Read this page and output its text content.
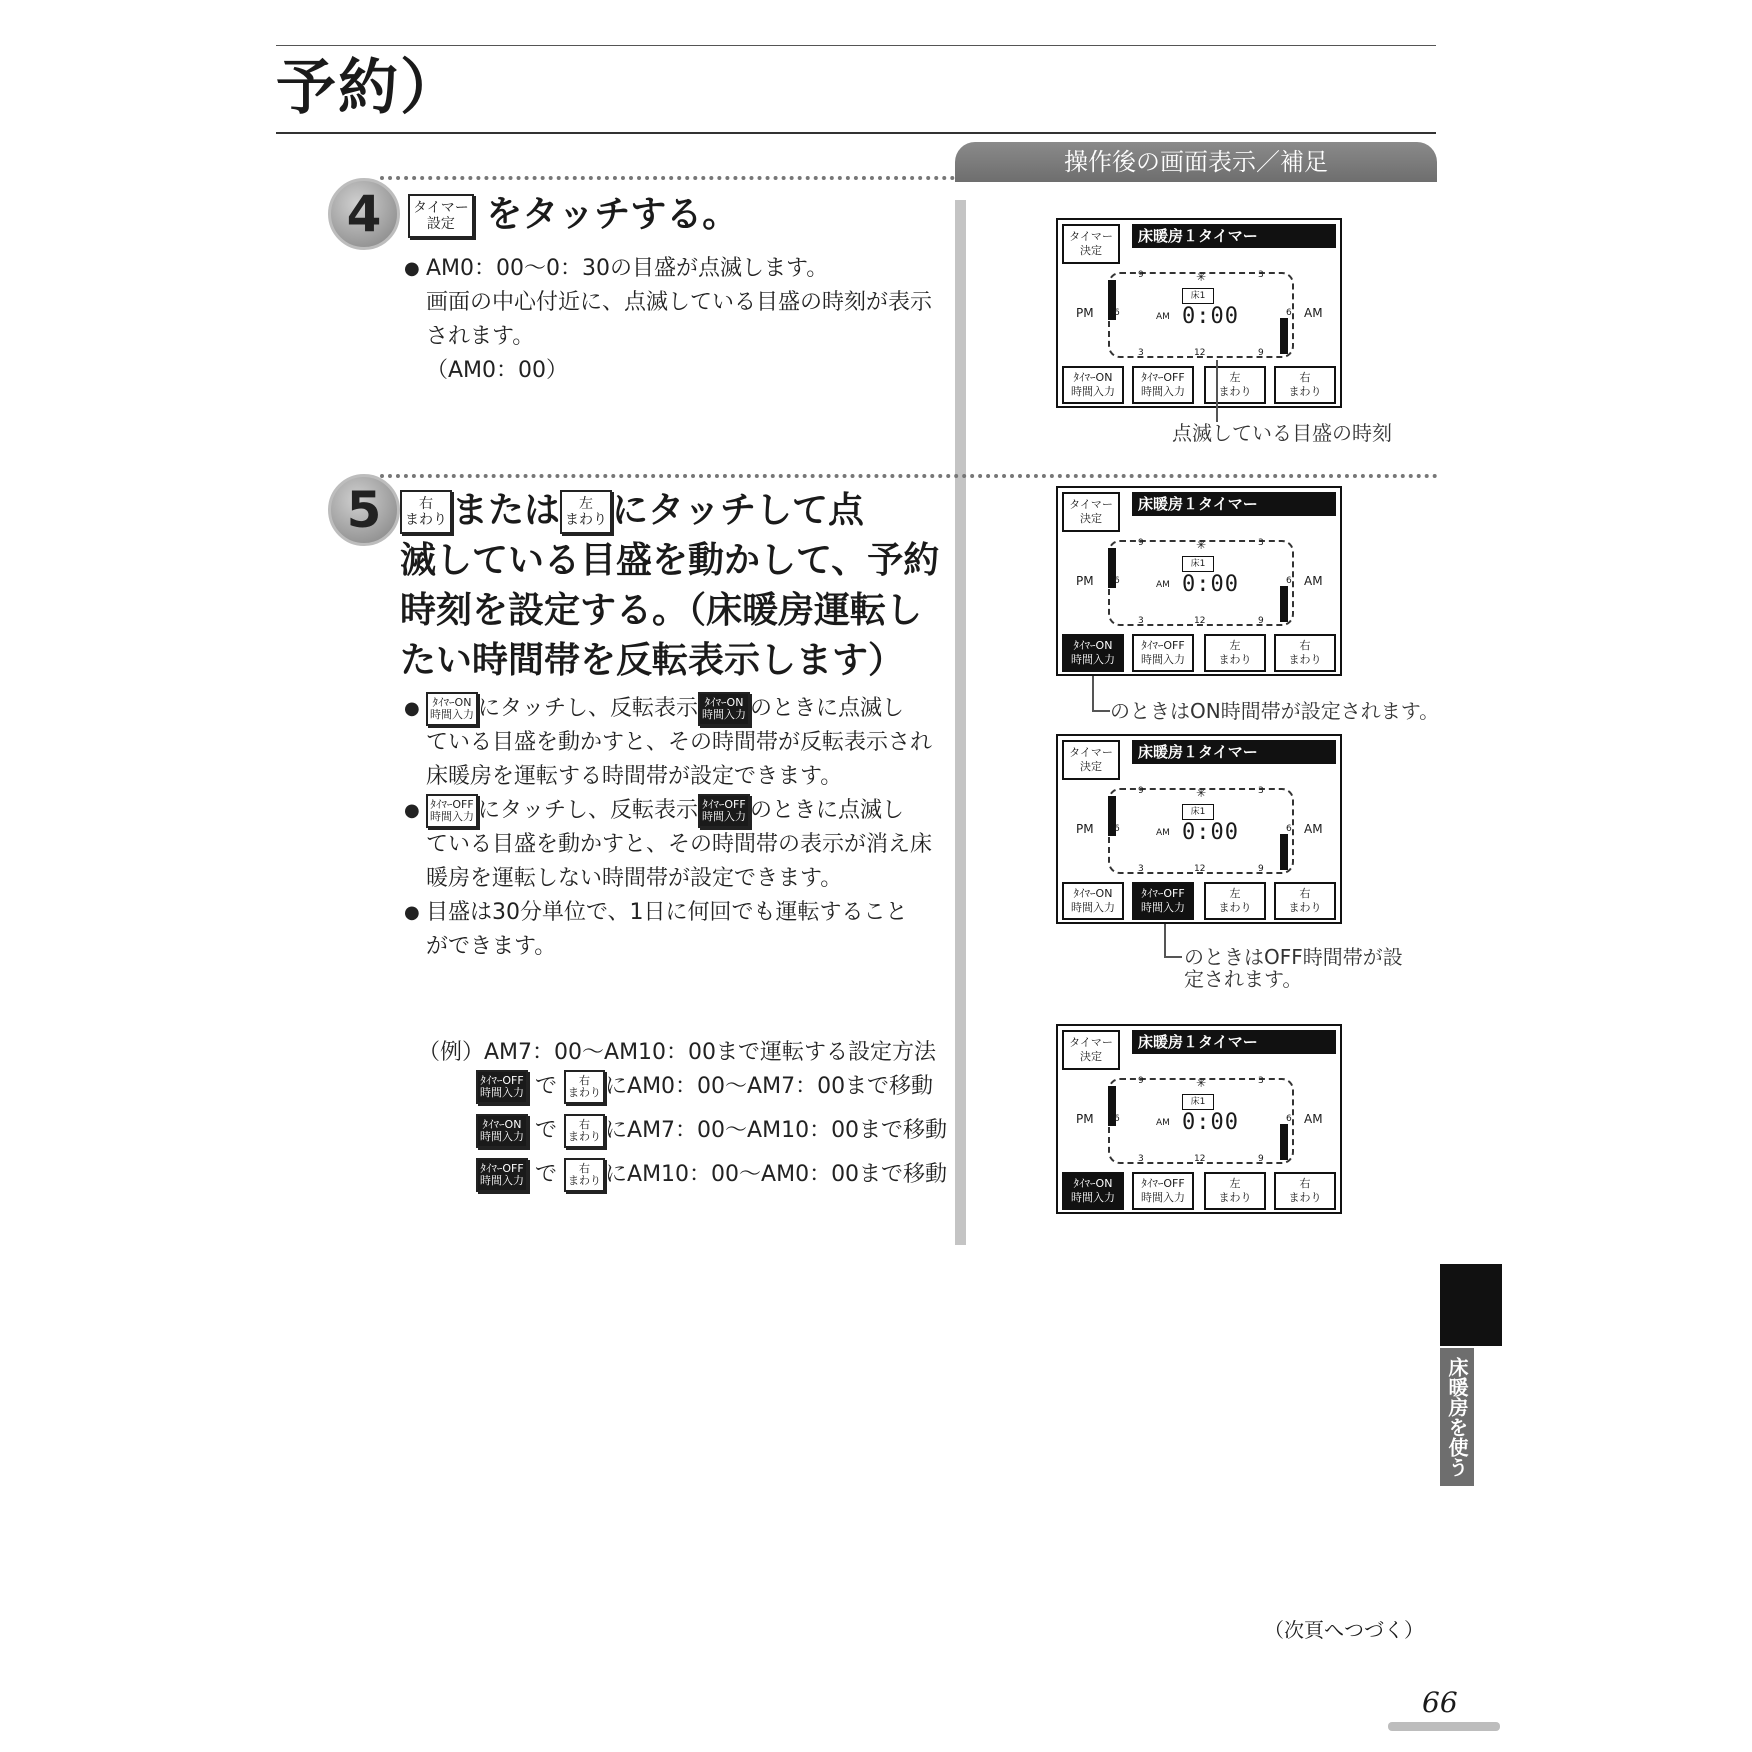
予約）
操作後の画面表示／補足
4	タイマー
設定 をタッチする。
● AM0：00〜0：30の目盛が点滅します。
画面の中心付近に、点滅している目盛の時刻が表示
されます。
（AM0：00）
5	右
まわり または	左
まわり にタッチして点
滅している目盛を動かして、予約
時刻を設定する。（床暖房運転し
たい時間帯を反転表示します）
● ﾀｲﾏｰON
時間入力 にタッチし、反転表示 ﾀｲﾏｰON
時間入力 のときに点滅し
ている目盛を動かすと、その時間帯が反転表示され
床暖房を運転する時間帯が設定できます。
● ﾀｲﾏｰOFF
時間入力 にタッチし、反転表示 ﾀｲﾏｰOFF
時間入力 のときに点滅し
ている目盛を動かすと、その時間帯の表示が消え床
暖房を運転しない時間帯が設定できます。
● 目盛は30分単位で、1日に何回でも運転すること
ができます。
（例）AM7：00〜AM10：00まで運転する設定方法
ﾀｲﾏｰOFF
時間入力 で	右
まわり にAM0：00〜AM7：00まで移動
ﾀｲﾏｰON
時間入力 で	右
まわり にAM7：00〜AM10：00まで移動
ﾀｲﾏｰOFF
時間入力 で	右
まわり にAM10：00〜AM0：00まで移動
タイマー
決定
床暖房１タイマー
9	3
6	6
3	12	9
床1
✳
PM	AM
AM 0:00
ﾀｲﾏｰON
時間入力
ﾀｲﾏｰOFF
時間入力
左
まわり
右
まわり
タイマー
決定
床暖房１タイマー
9	3
6	6
3	12	9
床1
✳
PM	AM
AM 0:00
ﾀｲﾏｰON
時間入力
ﾀｲﾏｰOFF
時間入力
左
まわり
右
まわり
タイマー
決定
床暖房１タイマー
9	3
6	6
3	12	9
床1
✳
PM	AM
AM 0:00
ﾀｲﾏｰON
時間入力
ﾀｲﾏｰOFF
時間入力
左
まわり
右
まわり
タイマー
決定
床暖房１タイマー
9	3
6	6
3	12	9
床1
✳
PM	AM
AM 0:00
ﾀｲﾏｰON
時間入力
ﾀｲﾏｰOFF
時間入力
左
まわり
右
まわり
点滅している目盛の時刻
のときはON時間帯が設定されます。
のときはOFF時間帯が設
定されます。
床暖房を使う
（次頁へつづく）
66
